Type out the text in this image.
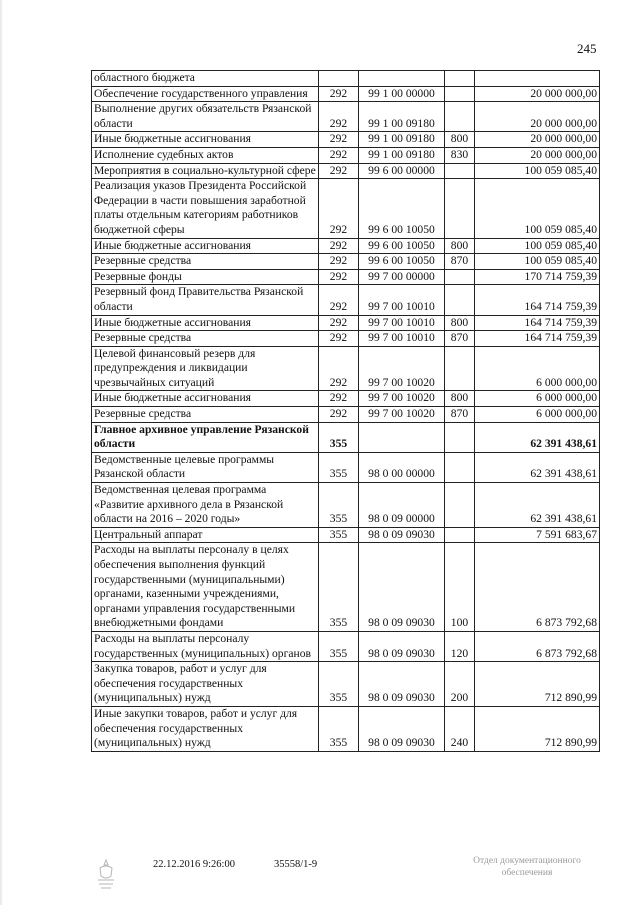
245
областного бюджета				
Обеспечение государственного управления	292	99 1 00 00000		20 000 000,00
Выполнение других обязательств Рязанской области	292	99 1 00 09180		20 000 000,00
Иные бюджетные ассигнования	292	99 1 00 09180	800	20 000 000,00
Исполнение судебных актов	292	99 1 00 09180	830	20 000 000,00
Мероприятия в социально-культурной сфере	292	99 6 00 00000		100 059 085,40
Реализация указов Президента Российской Федерации в части повышения заработной платы отдельным категориям работников бюджетной сферы	292	99 6 00 10050		100 059 085,40
Иные бюджетные ассигнования	292	99 6 00 10050	800	100 059 085,40
Резервные средства	292	99 6 00 10050	870	100 059 085,40
Резервные фонды	292	99 7 00 00000		170 714 759,39
Резервный фонд Правительства Рязанской области	292	99 7 00 10010		164 714 759,39
Иные бюджетные ассигнования	292	99 7 00 10010	800	164 714 759,39
Резервные средства	292	99 7 00 10010	870	164 714 759,39
Целевой финансовый резерв для предупреждения и ликвидации чрезвычайных ситуаций	292	99 7 00 10020		6 000 000,00
Иные бюджетные ассигнования	292	99 7 00 10020	800	6 000 000,00
Резервные средства	292	99 7 00 10020	870	6 000 000,00
Главное архивное управление Рязанской области	355			62 391 438,61
Ведомственные целевые программы Рязанской области	355	98 0 00 00000		62 391 438,61
Ведомственная целевая программа «Развитие архивного дела в Рязанской области на 2016 – 2020 годы»	355	98 0 09 00000		62 391 438,61
Центральный аппарат	355	98 0 09 09030		7 591 683,67
Расходы на выплаты персоналу в целях обеспечения выполнения функций государственными (муниципальными) органами, казенными учреждениями, органами управления государственными внебюджетными фондами	355	98 0 09 09030	100	6 873 792,68
Расходы на выплаты персоналу государственных (муниципальных) органов	355	98 0 09 09030	120	6 873 792,68
Закупка товаров, работ и услуг для обеспечения государственных (муниципальных) нужд	355	98 0 09 09030	200	712 890,99
Иные закупки товаров, работ и услуг для обеспечения государственных (муниципальных) нужд	355	98 0 09 09030	240	712 890,99
22.12.2016 9:26:00	35558/1-9	Отдел документационного обеспечения
